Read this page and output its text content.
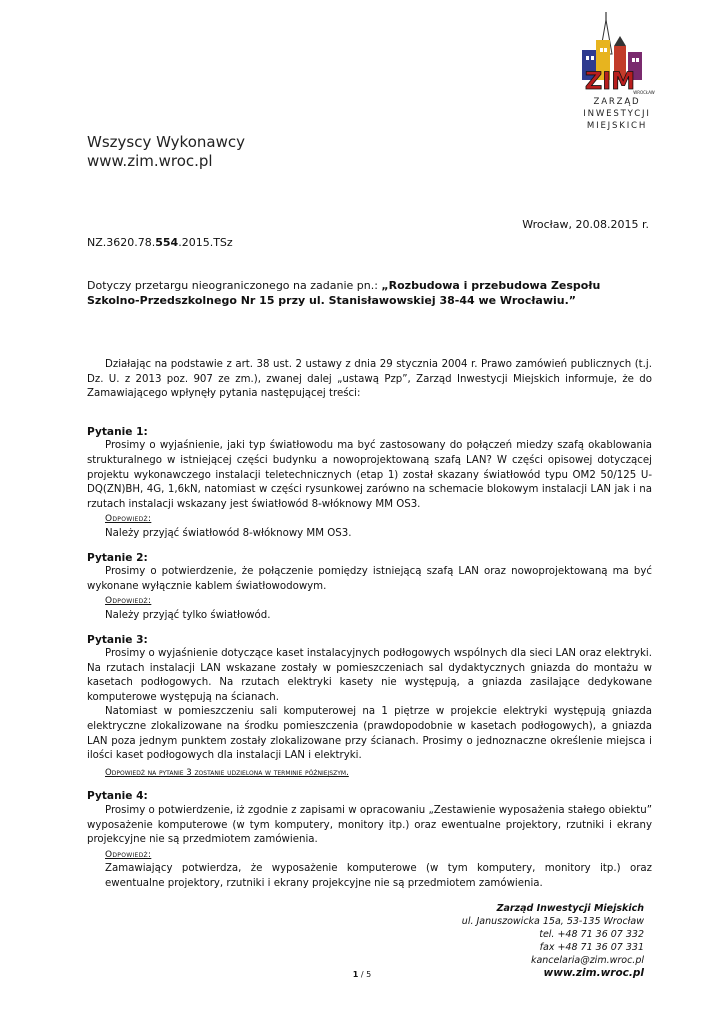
ZIM
WROCŁAW
ZARZĄD
INWESTYCJI
MIEJSKICH
Wszyscy Wykonawcy
www.zim.wroc.pl
Wrocław, 20.08.2015 r.
NZ.3620.78.554.2015.TSz
Dotyczy przetargu nieograniczonego na zadanie pn.: „Rozbudowa i przebudowa Zespołu Szkolno-Przedszkolnego Nr 15 przy ul. Stanisławowskiej 38-44 we Wrocławiu.”

Działając na podstawie z art. 38 ust. 2 ustawy z dnia 29 stycznia 2004 r. Prawo zamówień publicznych (t.j. Dz. U. z 2013 poz. 907 ze zm.), zwanej dalej „ustawą Pzp”, Zarząd Inwestycji Miejskich informuje, że do Zamawiającego wpłynęły pytania następującej treści:

Pytanie 1:

Prosimy o wyjaśnienie, jaki typ światłowodu ma być zastosowany do połączeń miedzy szafą okablowania strukturalnego w istniejącej części budynku a nowoprojektowaną szafą LAN? W części opisowej dotyczącej projektu wykonawczego instalacji teletechnicznych (etap 1) został skazany światłowód typu OM2 50/125 U-DQ(ZN)BH, 4G, 1,6kN, natomiast w części rysunkowej zarówno na schemacie blokowym instalacji LAN jak i na rzutach instalacji wskazany jest światłowód 8-włóknowy MM OS3.

Odpowiedź:

Należy przyjąć światłowód 8-włóknowy MM OS3.

Pytanie 2:

Prosimy o potwierdzenie, że połączenie pomiędzy istniejącą szafą LAN oraz nowoprojektowaną ma być wykonane wyłącznie kablem światłowodowym.

Odpowiedź:

Należy przyjąć tylko światłowód.

Pytanie 3:

Prosimy o wyjaśnienie dotyczące kaset instalacyjnych podłogowych wspólnych dla sieci LAN oraz elektryki. Na rzutach instalacji LAN wskazane zostały w pomieszczeniach sal dydaktycznych gniazda do montażu w kasetach podłogowych. Na rzutach elektryki kasety nie występują, a gniazda zasilające dedykowane komputerowe występują na ścianach.

Natomiast w pomieszczeniu sali komputerowej na 1 piętrze w projekcie elektryki występują gniazda elektryczne zlokalizowane na środku pomieszczenia (prawdopodobnie w kasetach podłogowych), a gniazda LAN poza jednym punktem zostały zlokalizowane przy ścianach. Prosimy o jednoznaczne określenie miejsca i ilości kaset podłogowych dla instalacji LAN i elektryki.

Odpowiedź na pytanie 3 zostanie udzielona w terminie późniejszym.

Pytanie 4:

Prosimy o potwierdzenie, iż zgodnie z zapisami w opracowaniu „Zestawienie wyposażenia stałego obiektu” wyposażenie komputerowe (w tym komputery, monitory itp.) oraz ewentualne projektory, rzutniki i ekrany projekcyjne nie są przedmiotem zamówienia.

Odpowiedź:

Zamawiający potwierdza, że wyposażenie komputerowe (w tym komputery, monitory itp.) oraz ewentualne projektory, rzutniki i ekrany projekcyjne nie są przedmiotem zamówienia.

Zarząd Inwestycji Miejskich
ul. Januszowicka 15a, 53-135 Wrocław
tel. +48 71 36 07 332
fax +48 71 36 07 331
kancelaria@zim.wroc.pl
www.zim.wroc.pl
1 / 5
